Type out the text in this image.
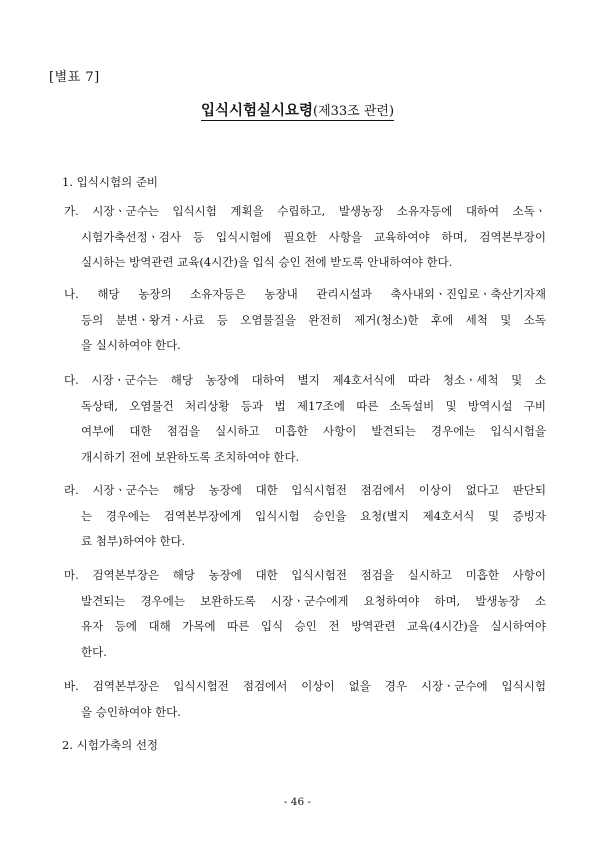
[별표 7]
입식시험실시요령(제33조 관련)
1. 입식시험의 준비
가. 시장ㆍ군수는 입식시험 계획을 수립하고, 발생농장 소유자등에 대하여 소독ㆍ
시험가축선정ㆍ검사 등 입식시험에 필요한 사항을 교육하여야 하며, 검역본부장이
실시하는 방역관련 교육(4시간)을 입식 승인 전에 받도록 안내하여야 한다.
나. 해당 농장의 소유자등은 농장내 관리시설과 축사내외ㆍ진입로ㆍ축산기자재
등의 분변ㆍ왕겨ㆍ사료 등 오염물질을 완전히 제거(청소)한 후에 세척 및 소독
을 실시하여야 한다.
다. 시장ㆍ군수는 해당 농장에 대하여 별지 제4호서식에 따라 청소ㆍ세척 및 소
독상태, 오염물건 처리상황 등과 법 제17조에 따른 소독설비 및 방역시설 구비
여부에 대한 점검을 실시하고 미흡한 사항이 발견되는 경우에는 입식시험을
개시하기 전에 보완하도록 조치하여야 한다.
라. 시장ㆍ군수는 해당 농장에 대한 입식시험전 점검에서 이상이 없다고 판단되
는 경우에는 검역본부장에게 입식시험 승인을 요청(별지 제4호서식 및 증빙자
료 첨부)하여야 한다.
마. 검역본부장은 해당 농장에 대한 입식시험전 점검을 실시하고 미흡한 사항이
발견되는 경우에는 보완하도록 시장ㆍ군수에게 요청하여야 하며, 발생농장 소
유자 등에 대해 가목에 따른 입식 승인 전 방역관련 교육(4시간)을 실시하여야
한다.
바. 검역본부장은 입식시험전 점검에서 이상이 없을 경우 시장ㆍ군수에 입식시험
을 승인하여야 한다.
2. 시험가축의 선정
- 46 -
